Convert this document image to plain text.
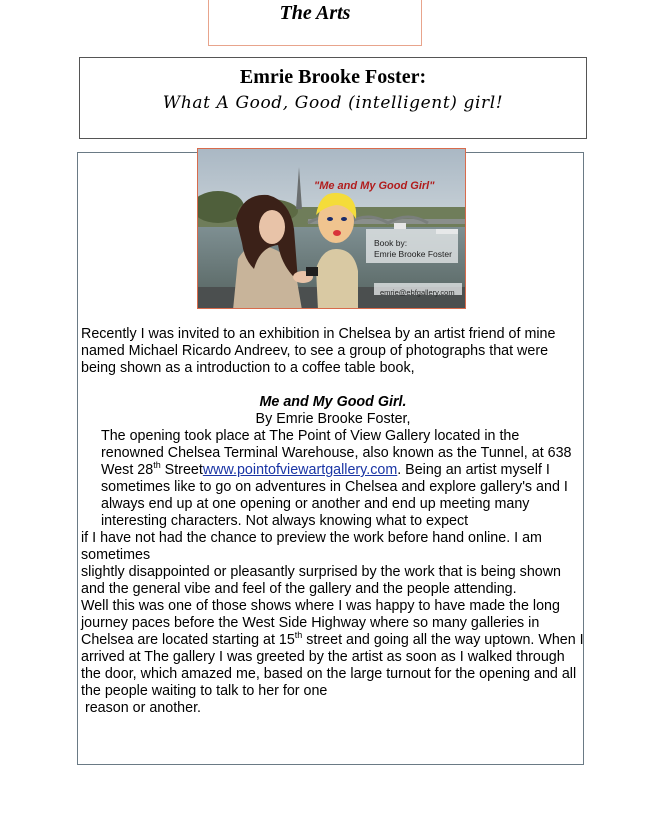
The Arts
Emrie Brooke Foster:
What A Good, Good (intelligent) girl!
"Me and My Good Girl"
Book by:
Emrie Brooke Foster
emrie@ebfgallery.com

Recently I was invited to an exhibition in Chelsea by an artist friend of mine named Michael Ricardo Andreev, to see a group of photographs that were being shown as a introduction to a coffee table book,

Me and My Good Girl.

By Emrie Brooke Foster,

The opening took place at The Point of View Gallery located in the renowned Chelsea Terminal Warehouse, also known as the Tunnel, at 638 West 28th Streetwww.pointofviewartgallery.com. Being an artist myself I sometimes like to go on adventures in Chelsea and explore gallery's and I always end up at one opening or another and end up meeting many interesting characters. Not always knowing what to expect

if I have not had the chance to preview the work before hand online. I am sometimes

slightly disappointed or pleasantly surprised by the work that is being shown and the general vibe and feel of the gallery and the people attending.

Well this was one of those shows where I was happy to have made the long journey paces before the West Side Highway where so many galleries in Chelsea are located starting at 15th street and going all the way uptown. When I arrived at The gallery I was greeted by the artist as soon as I walked through the door, which amazed me, based on the large turnout for the opening and all the people waiting to talk to her for one

reason or another.
